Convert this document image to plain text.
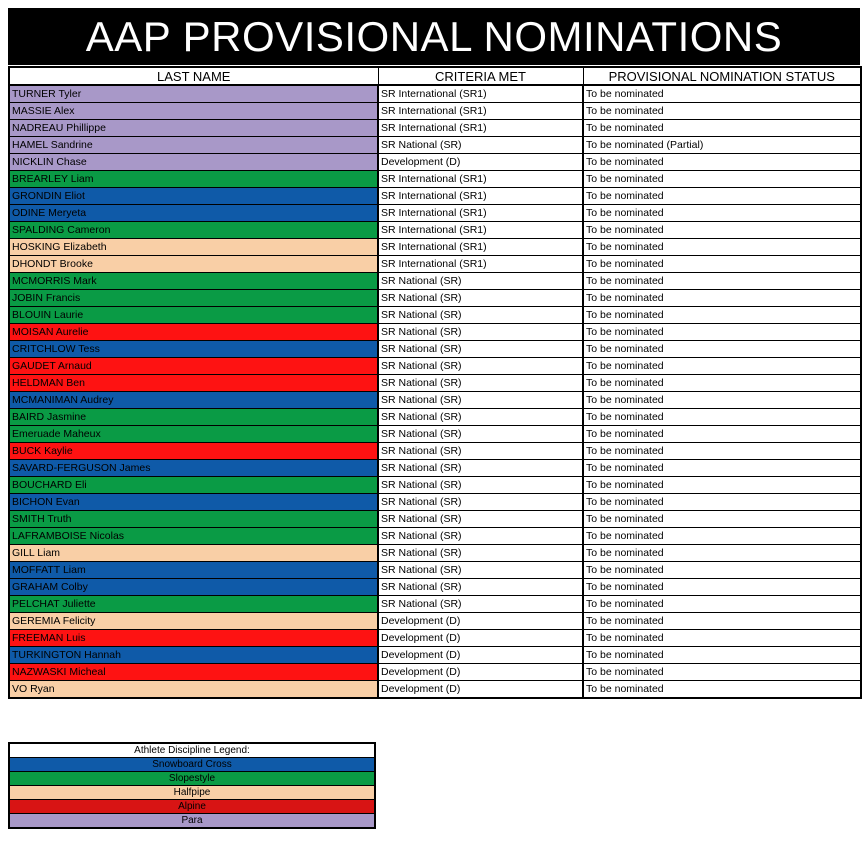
AAP PROVISIONAL NOMINATIONS
LAST NAME	CRITERIA MET	PROVISIONAL NOMINATION STATUS
TURNER Tyler	SR International (SR1)	To be nominated
MASSIE Alex	SR International (SR1)	To be nominated
NADREAU Phillippe	SR International (SR1)	To be nominated
HAMEL Sandrine	SR National (SR)	To be nominated (Partial)
NICKLIN Chase	Development (D)	To be nominated
BREARLEY Liam	SR International (SR1)	To be nominated
GRONDIN Eliot	SR International (SR1)	To be nominated
ODINE Meryeta	SR International (SR1)	To be nominated
SPALDING Cameron	SR International (SR1)	To be nominated
HOSKING Elizabeth	SR International (SR1)	To be nominated
DHONDT Brooke	SR International (SR1)	To be nominated
MCMORRIS Mark	SR National (SR)	To be nominated
JOBIN Francis	SR National (SR)	To be nominated
BLOUIN Laurie	SR National (SR)	To be nominated
MOISAN Aurelie	SR National (SR)	To be nominated
CRITCHLOW Tess	SR National (SR)	To be nominated
GAUDET Arnaud	SR National (SR)	To be nominated
HELDMAN Ben	SR National (SR)	To be nominated
MCMANIMAN Audrey	SR National (SR)	To be nominated
BAIRD Jasmine	SR National (SR)	To be nominated
Emeruade Maheux	SR National (SR)	To be nominated
BUCK Kaylie	SR National (SR)	To be nominated
SAVARD-FERGUSON James	SR National (SR)	To be nominated
BOUCHARD Eli	SR National (SR)	To be nominated
BICHON Evan	SR National (SR)	To be nominated
SMITH Truth	SR National (SR)	To be nominated
LAFRAMBOISE Nicolas	SR National (SR)	To be nominated
GILL Liam	SR National (SR)	To be nominated
MOFFATT Liam	SR National (SR)	To be nominated
GRAHAM Colby	SR National (SR)	To be nominated
PELCHAT Juliette	SR National (SR)	To be nominated
GEREMIA Felicity	Development (D)	To be nominated
FREEMAN Luis	Development (D)	To be nominated
TURKINGTON Hannah	Development (D)	To be nominated
NAZWASKI Micheal	Development (D)	To be nominated
VO Ryan	Development (D)	To be nominated
Athlete Discipline Legend:
Snowboard Cross
Slopestyle
Halfpipe
Alpine
Para
